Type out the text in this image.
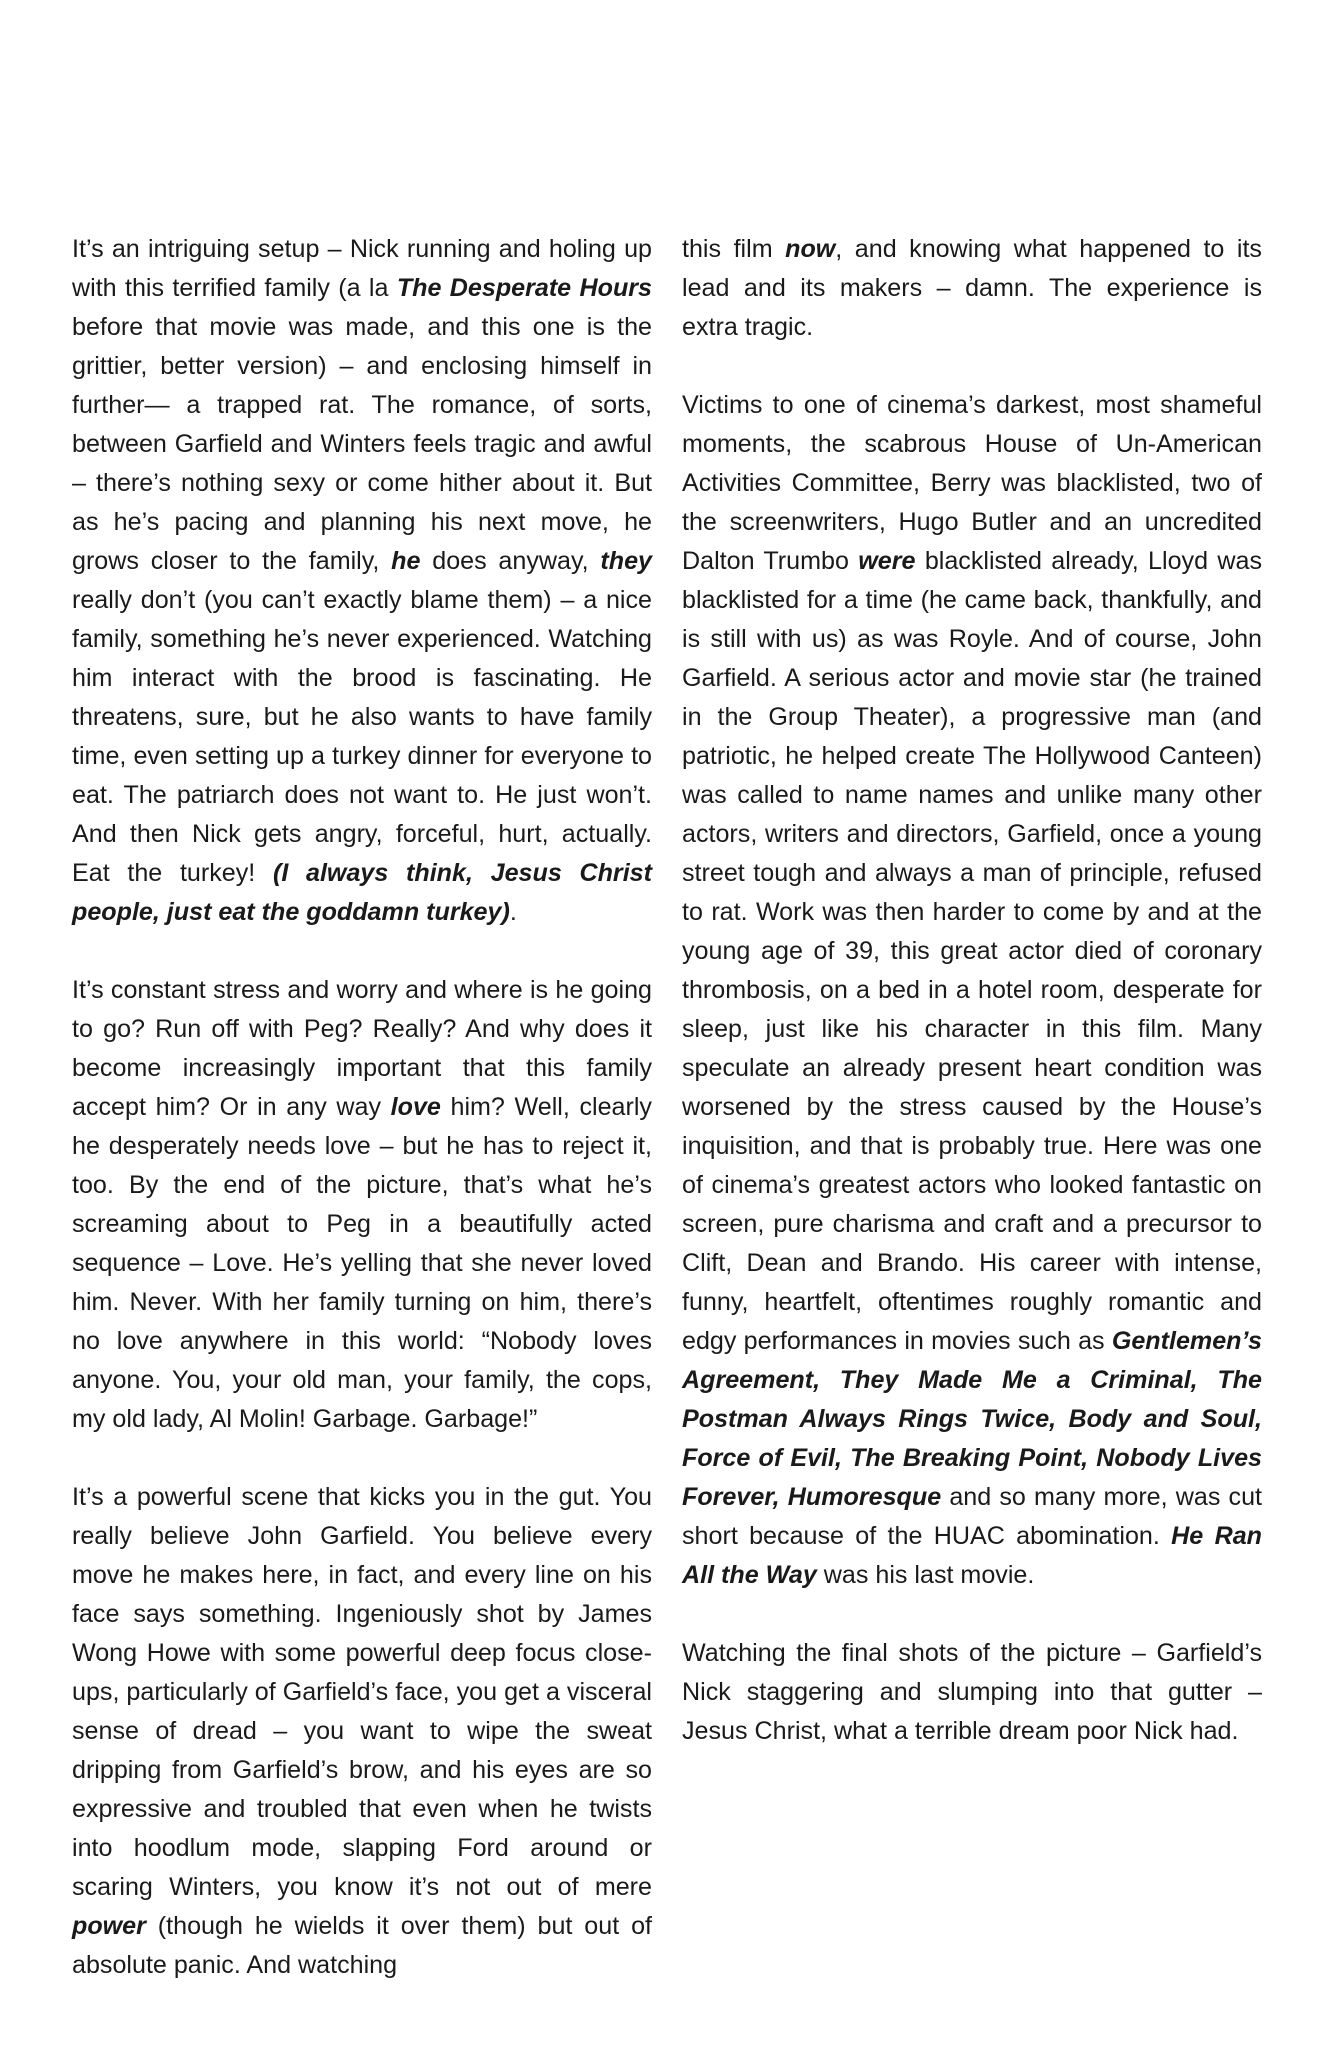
It’s an intriguing setup – Nick running and holing up with this terrified family (a la The Desperate Hours before that movie was made, and this one is the grittier, better version) – and enclosing himself in further— a trapped rat. The romance, of sorts, between Garfield and Winters feels tragic and awful – there’s nothing sexy or come hither about it. But as he’s pacing and planning his next move, he grows closer to the family, he does anyway, they really don’t (you can’t exactly blame them) – a nice family, something he’s never experienced. Watching him interact with the brood is fascinating. He threatens, sure, but he also wants to have family time, even setting up a turkey dinner for everyone to eat. The patriarch does not want to. He just won’t. And then Nick gets angry, forceful, hurt, actually. Eat the turkey! (I always think, Jesus Christ people, just eat the goddamn turkey).

It’s constant stress and worry and where is he going to go? Run off with Peg? Really? And why does it become increasingly important that this family accept him? Or in any way love him? Well, clearly he desperately needs love – but he has to reject it, too. By the end of the picture, that’s what he’s screaming about to Peg in a beautifully acted sequence – Love. He’s yelling that she never loved him. Never. With her family turning on him, there’s no love anywhere in this world: “Nobody loves anyone. You, your old man, your family, the cops, my old lady, Al Molin! Garbage. Garbage!”

It’s a powerful scene that kicks you in the gut. You really believe John Garfield. You believe every move he makes here, in fact, and every line on his face says something. Ingeniously shot by James Wong Howe with some powerful deep focus close-ups, particularly of Garfield’s face, you get a visceral sense of dread – you want to wipe the sweat dripping from Garfield’s brow, and his eyes are so expressive and troubled that even when he twists into hoodlum mode, slapping Ford around or scaring Winters, you know it’s not out of mere power (though he wields it over them) but out of absolute panic. And watching

this film now, and knowing what happened to its lead and its makers – damn. The experience is extra tragic.

Victims to one of cinema’s darkest, most shameful moments, the scabrous House of Un-American Activities Committee, Berry was blacklisted, two of the screenwriters, Hugo Butler and an uncredited Dalton Trumbo were blacklisted already, Lloyd was blacklisted for a time (he came back, thankfully, and is still with us) as was Royle. And of course, John Garfield. A serious actor and movie star (he trained in the Group Theater), a progressive man (and patriotic, he helped create The Hollywood Canteen) was called to name names and unlike many other actors, writers and directors, Garfield, once a young street tough and always a man of principle, refused to rat. Work was then harder to come by and at the young age of 39, this great actor died of coronary thrombosis, on a bed in a hotel room, desperate for sleep, just like his character in this film. Many speculate an already present heart condition was worsened by the stress caused by the House’s inquisition, and that is probably true. Here was one of cinema’s greatest actors who looked fantastic on screen, pure charisma and craft and a precursor to Clift, Dean and Brando. His career with intense, funny, heartfelt, oftentimes roughly romantic and edgy performances in movies such as Gentlemen’s Agreement, They Made Me a Criminal, The Postman Always Rings Twice, Body and Soul, Force of Evil, The Breaking Point, Nobody Lives Forever, Humoresque and so many more, was cut short because of the HUAC abomination. He Ran All the Way was his last movie.

Watching the final shots of the picture – Garfield’s Nick staggering and slumping into that gutter – Jesus Christ, what a terrible dream poor Nick had.
